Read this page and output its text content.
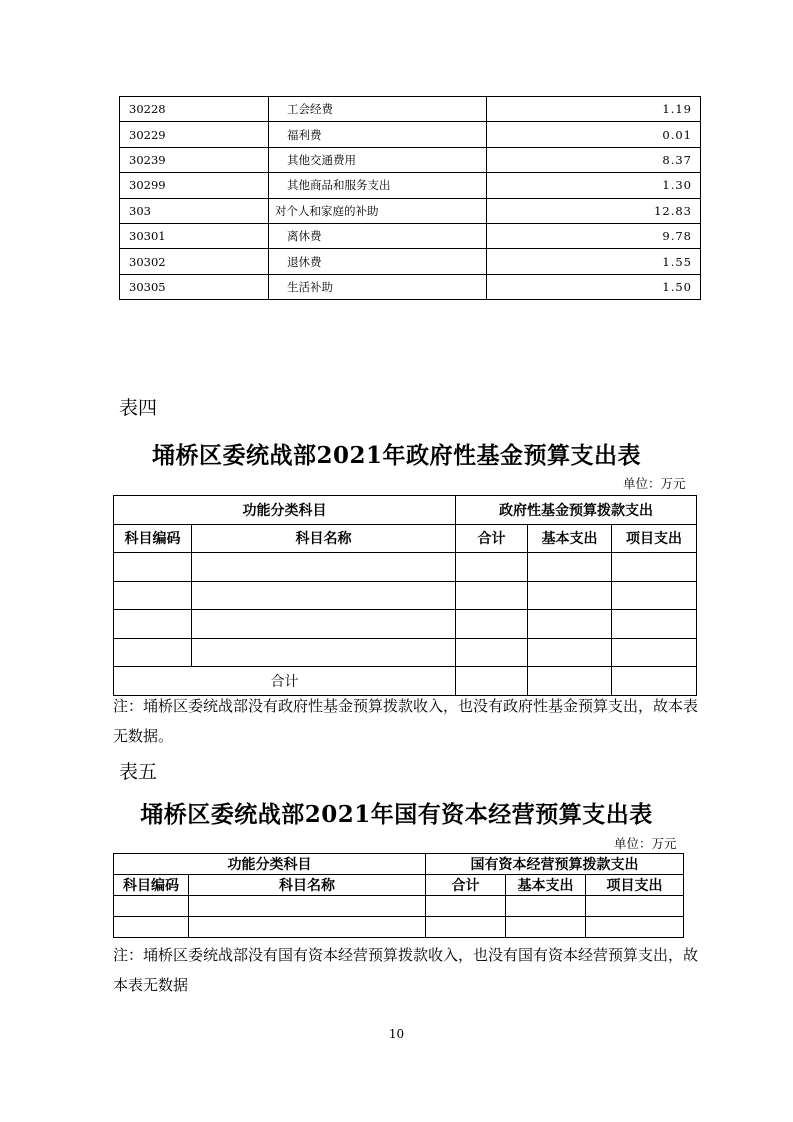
30228	工会经费	1.19
30229	福利费	0.01
30239	其他交通费用	8.37
30299	其他商品和服务支出	1.30
303	对个人和家庭的补助	12.83
30301	离休费	9.78
30302	退休费	1.55
30305	生活补助	1.50
表四
埇桥区委统战部2021年政府性基金预算支出表
单位：万元
功能分类科目		政府性基金预算拨款支出		
科目编码	科目名称	合计	基本支出	项目支出

合计				
注：埇桥区委统战部没有政府性基金预算拨款收入，也没有政府性基金预算支出，故本表无数据。
表五
埇桥区委统战部2021年国有资本经营预算支出表
单位：万元
功能分类科目		国有资本经营预算拨款支出		
科目编码	科目名称	合计	基本支出	项目支出

注：埇桥区委统战部没有国有资本经营预算拨款收入，也没有国有资本经营预算支出，故本表无数据
10
